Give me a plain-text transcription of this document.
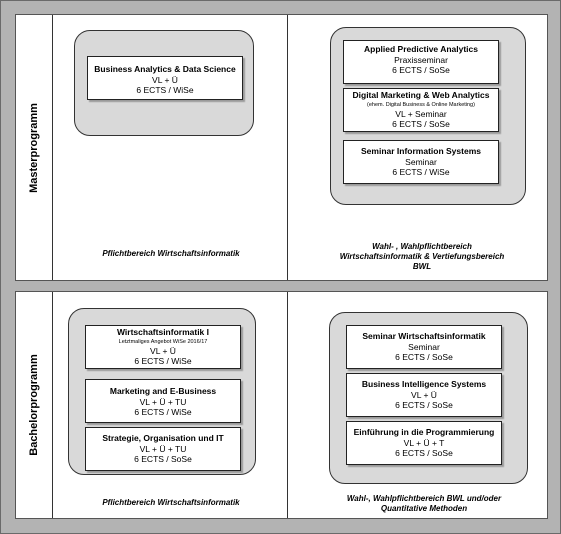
Masterprogramm
Business Analytics & Data Science
VL + Ü
6 ECTS / WiSe
Pflichtbereich Wirtschaftsinformatik
Applied Predictive Analytics
Praxisseminar
6 ECTS / SoSe
Digital Marketing & Web Analytics
(ehem. Digital Business & Online Marketing)
VL + Seminar
6 ECTS / SoSe
Seminar Information Systems
Seminar
6 ECTS / WiSe
Wahl- , Wahlpflichtbereich Wirtschaftsinformatik & Vertiefungsbereich BWL
Bachelorprogramm
Wirtschaftsinformatik I
Letztmaliges Angebot WiSe 2016/17
VL + Ü
6 ECTS / WiSe
Marketing and E-Business
VL + Ü + TU
6 ECTS / WiSe
Strategie, Organisation und IT
VL + Ü + TU
6 ECTS / SoSe
Pflichtbereich Wirtschaftsinformatik
Seminar Wirtschaftsinformatik
Seminar
6 ECTS / SoSe
Business Intelligence Systems
VL + Ü
6 ECTS / SoSe
Einführung in die Programmierung
VL + Ü + T
6 ECTS / SoSe
Wahl-, Wahlpflichtbereich BWL und/oder Quantitative Methoden
